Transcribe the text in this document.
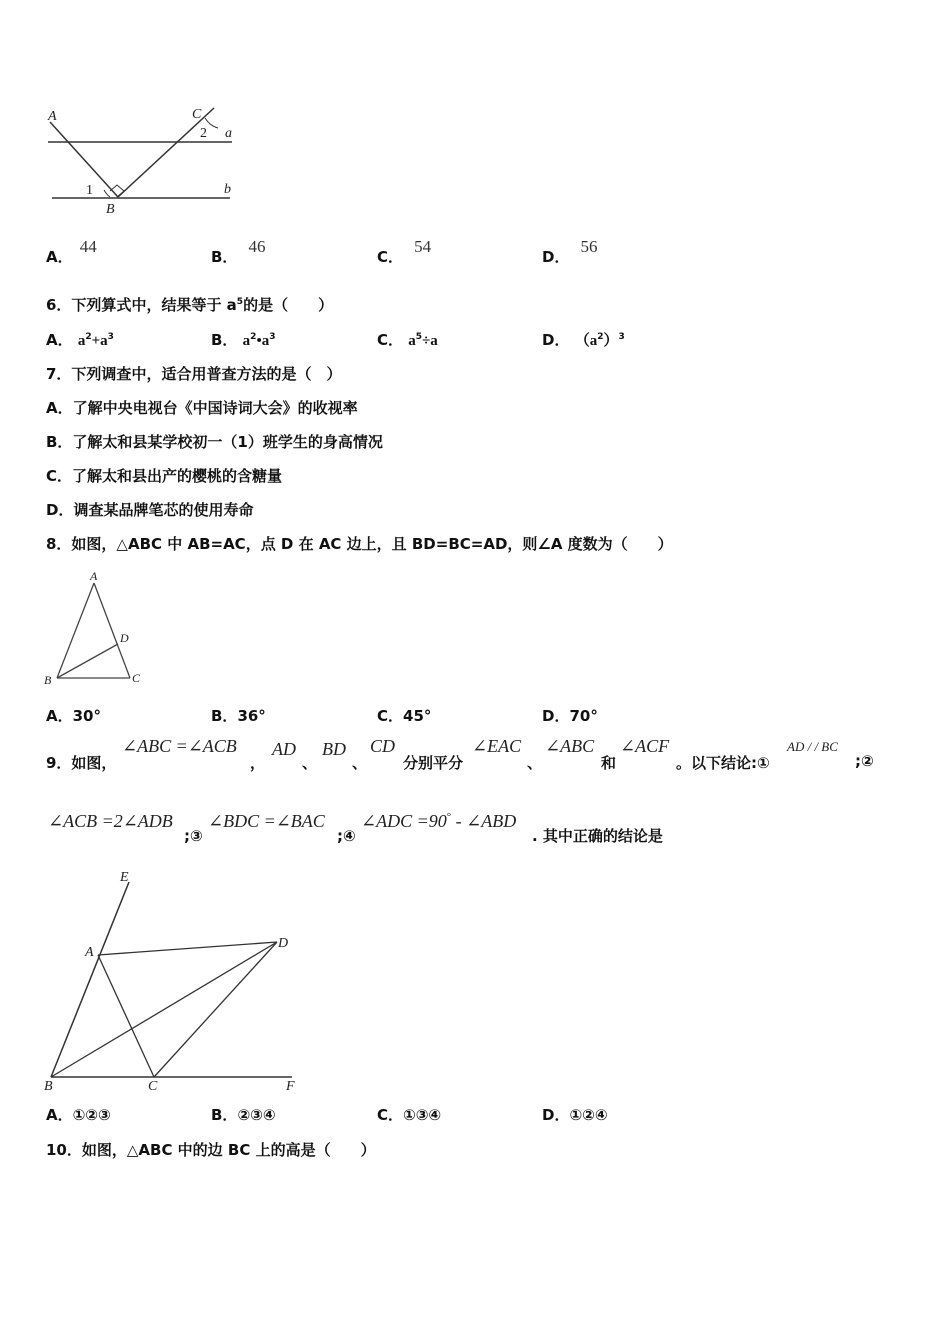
A	C
2 a
1	b
B
A． 44
B． 46
C． 54
D． 56
6．下列算式中，结果等于 $a^5$的是（　　）
A． $a^2+a^3$	B． $a^2•a^3$	C． $a^5\div a$	D． $(a^2)^3$
7．下列调查中，适合用普查方法的是（　）
A．了解中央电视台《中国诗词大会》的收视率
B．了解太和县某学校初一（1）班学生的身高情况
C．了解太和县出产的樱桃的含糖量
D．调查某品牌笔芯的使用寿命
8．如图，△ABC 中 AB=AC，点 D 在 AC 边上，且 BD=BC=AD，则∠A 度数为（　　）
A
D
B	C
A．30°	B．36°	C．45°	D．70°
9．如图，
∠ABC =∠ACB
，
AD
、
BD
、
CD
分别平分
∠EAC
、
∠ABC
和
∠ACF
。以下结论:①
AD / / BC
;②
∠ACB =2∠ADB
;③
∠BDC =∠BAC
;④
∠ADC =90° - ∠ABD
. 其中正确的结论是
E
A
D
B	C	F
A．①②③	B．②③④	C．①③④	D．①②④
10．如图，△ABC 中的边 BC 上的高是（　　）
